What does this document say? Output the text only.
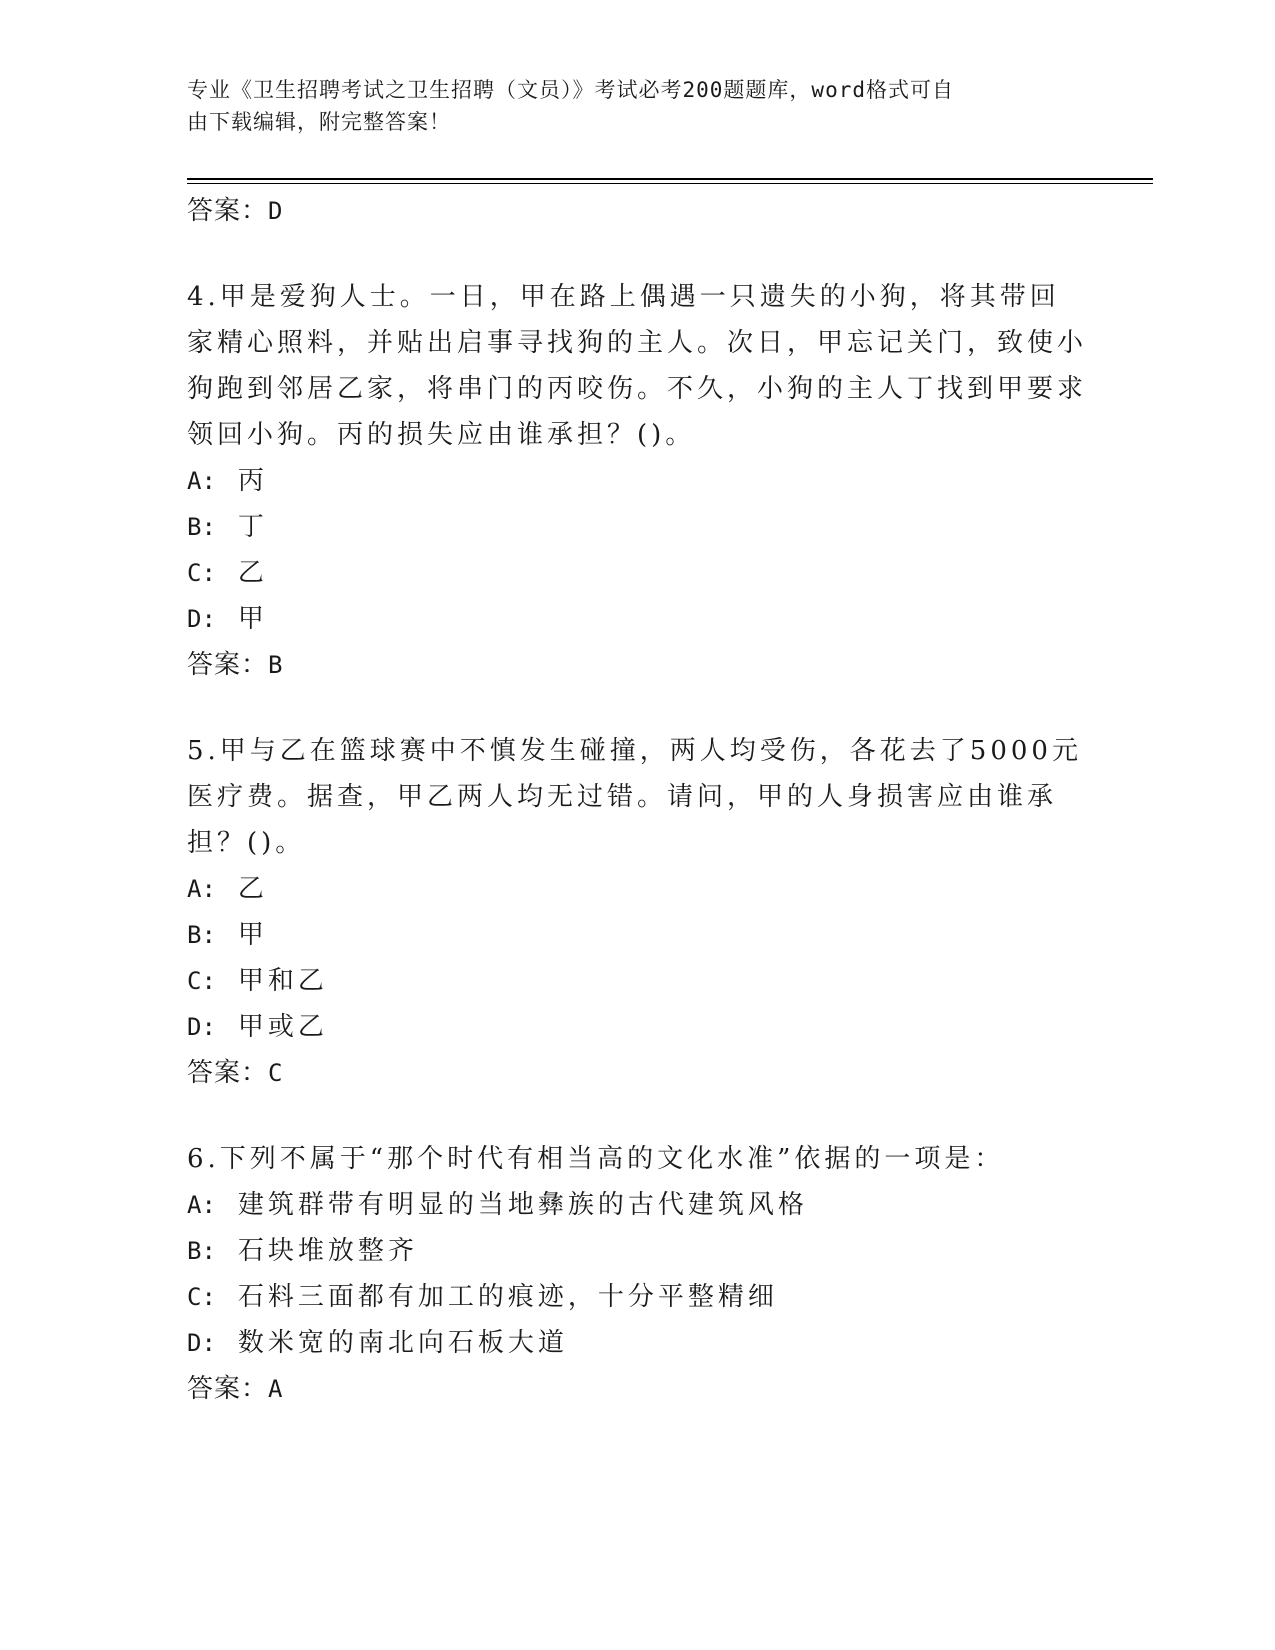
专业《卫生招聘考试之卫生招聘（文员）》考试必考200题题库，word格式可自
由下载编辑，附完整答案！

答案：D

4.甲是爱狗人士。一日，甲在路上偶遇一只遗失的小狗，将其带回家精心照料，并贴出启事寻找狗的主人。次日，甲忘记关门，致使小狗跑到邻居乙家，将串门的丙咬伤。不久，小狗的主人丁找到甲要求领回小狗。丙的损失应由谁承担？()。

A: 丙

B: 丁

C: 乙

D: 甲

答案：B

5.甲与乙在篮球赛中不慎发生碰撞，两人均受伤，各花去了5000元医疗费。据查，甲乙两人均无过错。请问，甲的人身损害应由谁承担？()。

A: 乙

B: 甲

C: 甲和乙

D: 甲或乙

答案：C

6.下列不属于“那个时代有相当高的文化水准”依据的一项是：

A: 建筑群带有明显的当地彝族的古代建筑风格

B: 石块堆放整齐

C: 石料三面都有加工的痕迹，十分平整精细

D: 数米宽的南北向石板大道

答案：A
